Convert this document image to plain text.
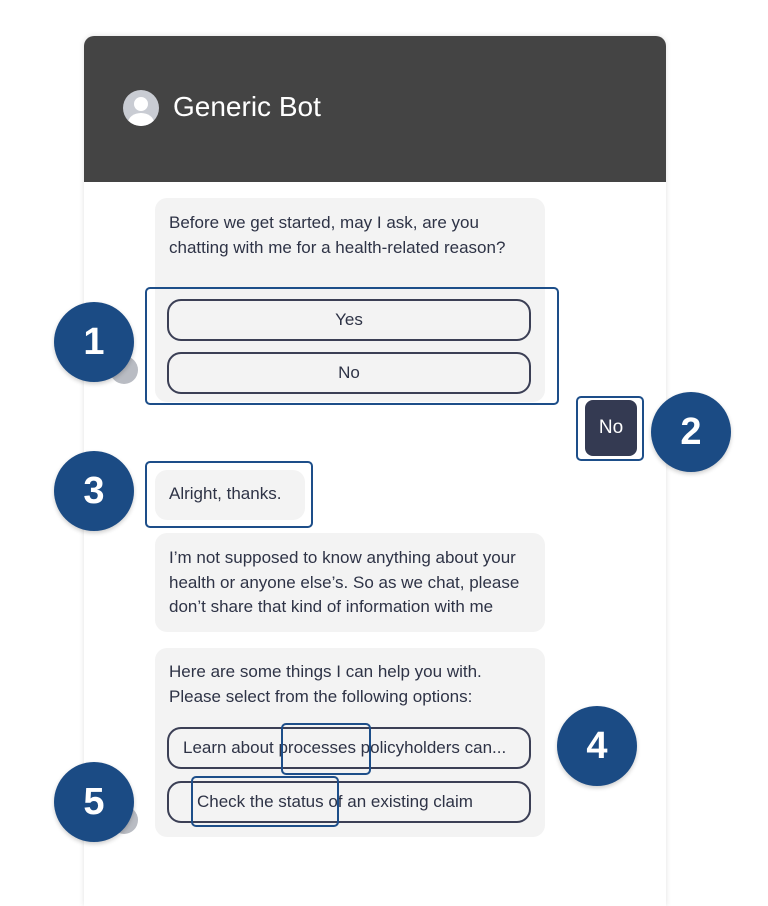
Generic Bot
Before we get started, may I ask, are you chatting with me for a health-related reason?
Yes
No
No
Alright, thanks.
I’m not supposed to know anything about your health or anyone else’s. So as we chat, please don’t share that kind of information with me
Here are some things I can help you with. Please select from the following options:
Learn about processes policyholders can...
Check the status of an existing claim
1
2
3
4
5
